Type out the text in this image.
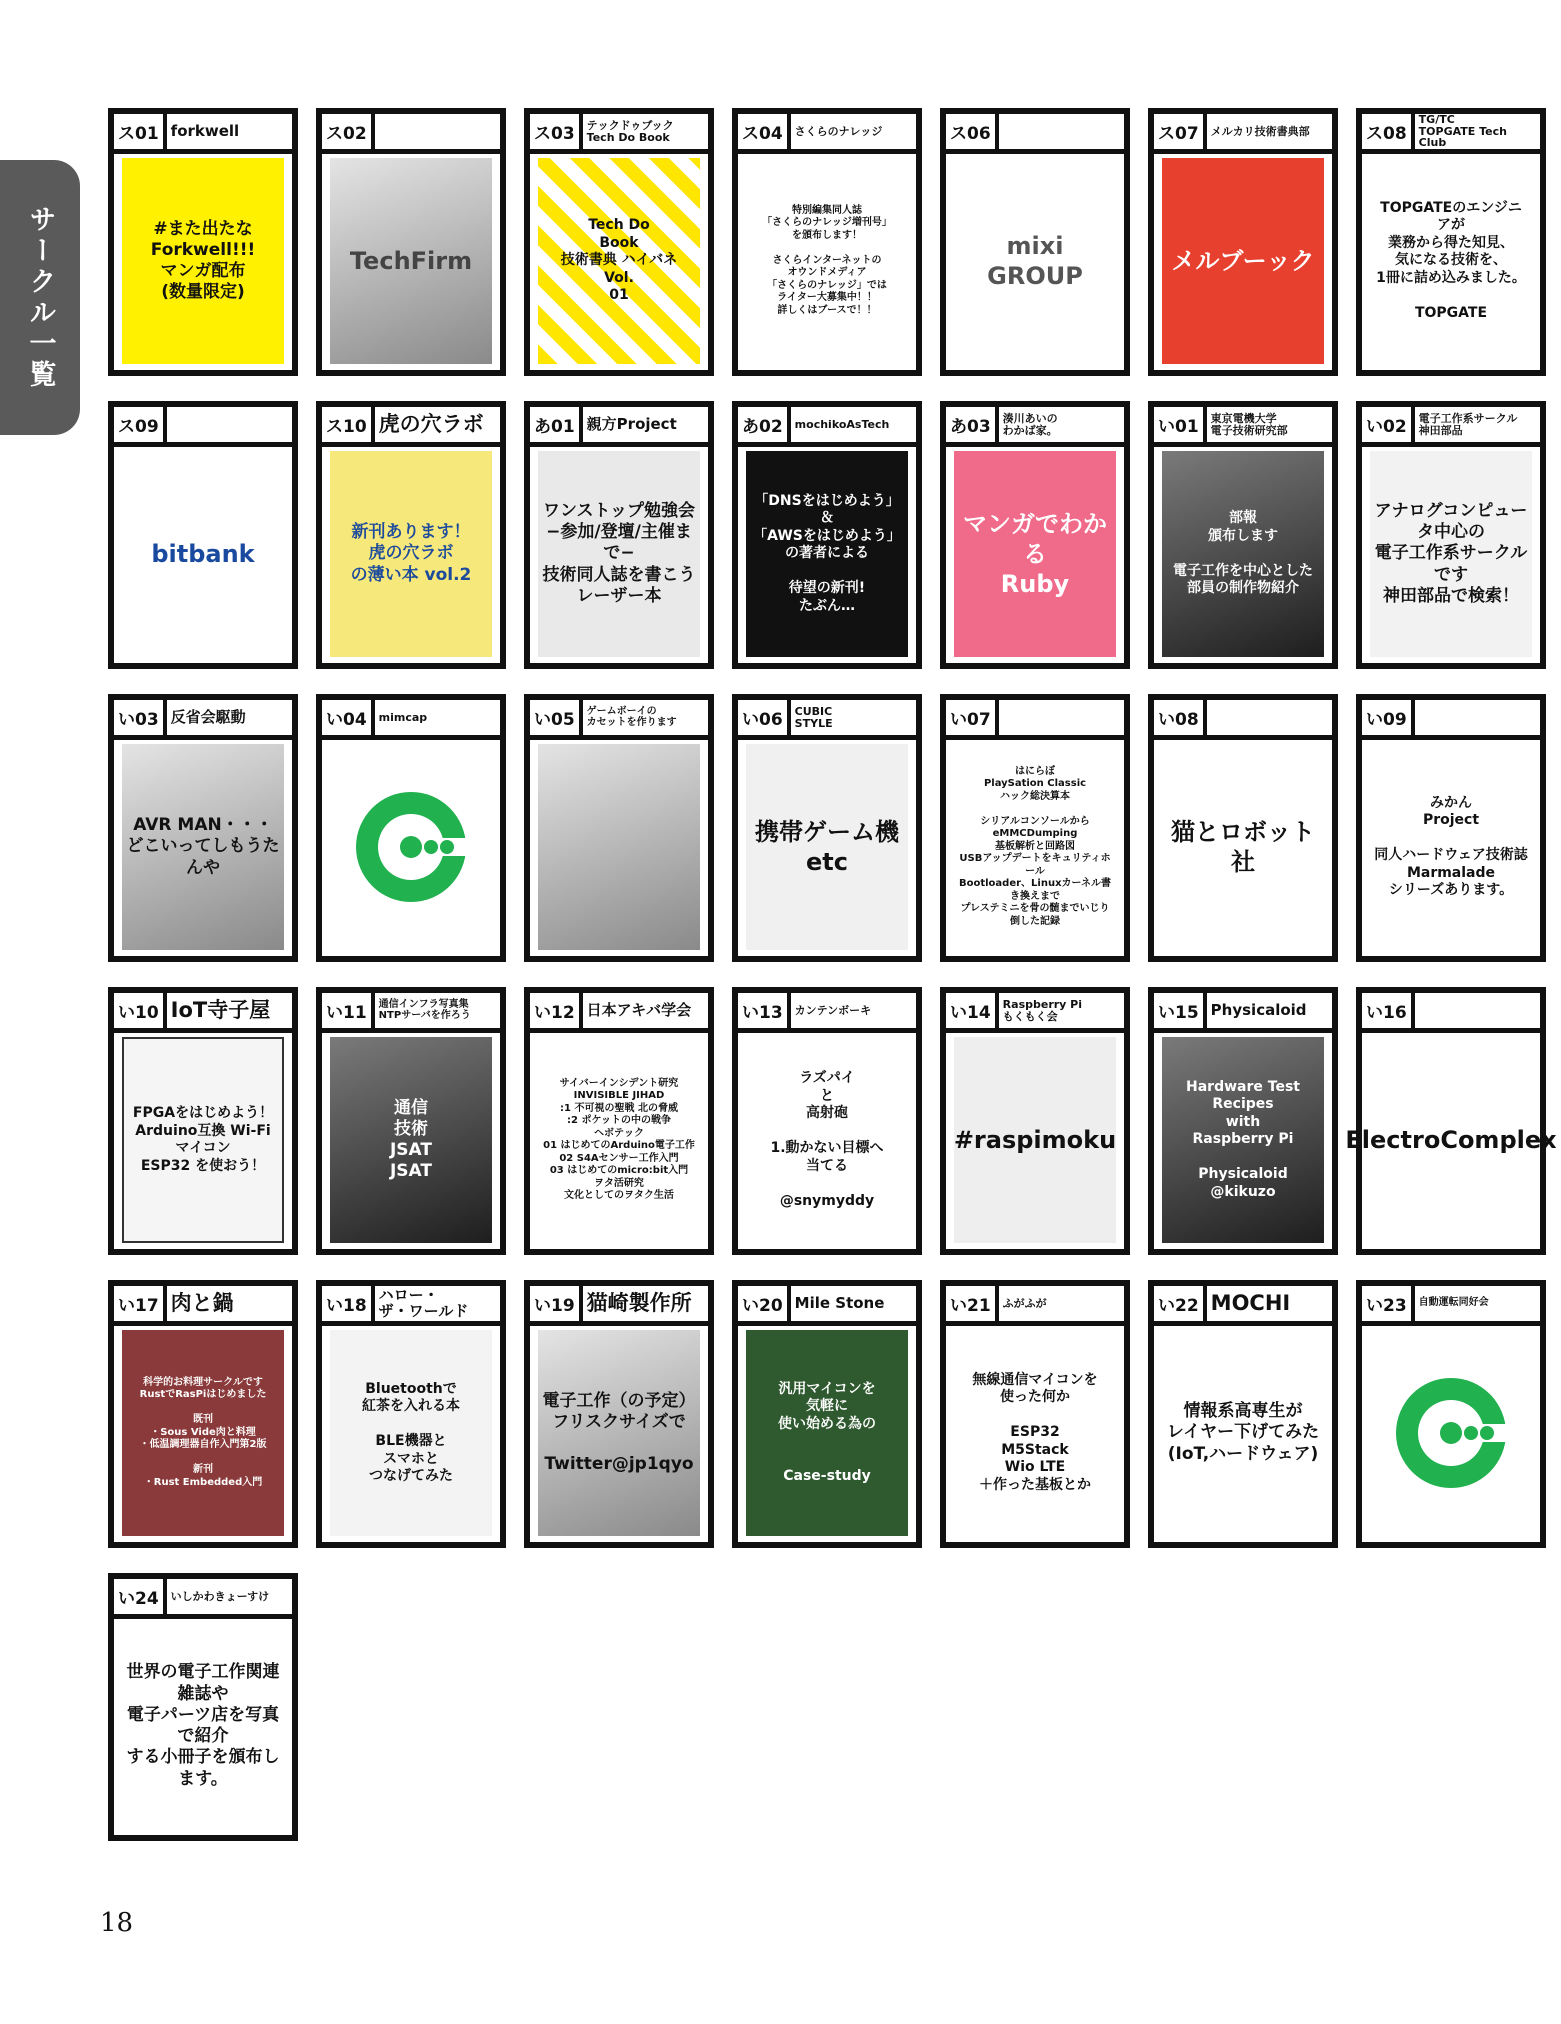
サークル一覧
ス01 forkwell
#また出たな
Forkwell!!!
マンガ配布
(数量限定)
ス02
TechFirm
ス03	テックドゥブック
Tech Do Book
Tech Do
Book
技術書典 ハイバネ
Vol.
01
ス04	さくらのナレッジ
特別編集同人誌
「さくらのナレッジ増刊号」
を頒布します！

さくらインターネットの
オウンドメディア
「さくらのナレッジ」では
ライター大募集中！！
詳しくはブースで！！
ス06
mixi
GROUP
ス07	メルカリ技術書典部
メルブーック
ス08
TG/TC
TOPGATE Tech Club
TOPGATEのエンジニアが
業務から得た知見、
気になる技術を、
1冊に詰め込みました。

TOPGATE
ス09
bitbank
ス10 虎の穴ラボ
新刊あります！
虎の穴ラボ
の薄い本 vol.2
あ01 親方Project
ワンストップ勉強会
−参加/登壇/主催まで−
技術同人誌を書こう
レーザー本
あ02	mochikoAsTech
「DNSをはじめよう」
＆
「AWSをはじめよう」
の著者による

待望の新刊!
たぶん…
あ03	湊川あいの
わかば家。
マンガでわかる
Ruby
い01	東京電機大学
電子技術研究部
部報
頒布します

電子工作を中心とした
部員の制作物紹介
い02	電子工作系サークル
神田部品
アナログコンピュータ中心の
電子工作系サークルです
神田部品で検索！
い03 反省会駆動
AVR MAN・・・
どこいってしもうたんや
い04	mimcap	い05	ゲームボーイの
カセットを作ります	い06	CUBIC
STYLE
携帯ゲーム機etc
い07
はにらぼ
PlaySation Classic
ハック総決算本

シリアルコンソールからeMMCDumping
基板解析と回路図
USBアップデートをキュリティホール
Bootloader、Linuxカーネル書き換えまで
プレステミニを骨の髄までいじり倒した記録
い08
猫とロボット社
い09
みかん
Project

同人ハードウェア技術誌
Marmalade
シリーズあります。
い10 IoT寺子屋
FPGAをはじめよう！
Arduino互換 Wi-Fi マイコン
ESP32 を使おう！
い11	通信インフラ写真集
NTPサーバを作ろう
通信
技術
JSAT
JSAT
い12 日本アキバ学会
サイバーインシデント研究
INVISIBLE JIHAD
:1 不可視の聖戦 北の脅威
:2 ポケットの中の戦争
ヘボテック
01 はじめてのArduino電子工作
02 S4Aセンサー工作入門
03 はじめてのmicro:bit入門
ヲタ活研究
文化としてのヲタク生活
い13	カンテンボーキ
ラズパイ
と
高射砲

1.動かない目標へ
当てる

@snymyddy
い14	Raspberry Pi
もくもく会
#raspimoku
い15 Physicaloid
Hardware Test
Recipes
with
Raspberry Pi

Physicaloid @kikuzo
い16
ElectroComplex
い17 肉と鍋
科学的お料理サークルです
RustでRasPiはじめました

既刊
・Sous Vide肉と料理
・低温調理器自作入門第2版

新刊
・Rust Embedded入門
い18
ハロー・
ザ・ワールド
Bluetoothで
紅茶を入れる本

BLE機器と
スマホと
つなげてみた
い19 猫崎製作所
電子工作（の予定）
フリスクサイズで

Twitter@jp1qyo
い20 Mile Stone
汎用マイコンを
気軽に
使い始める為の

Case-study
い21	ふがふが
無線通信マイコンを
使った何か

ESP32
M5Stack
Wio LTE
＋作った基板とか
い22 MOCHI
情報系高専生が
レイヤー下げてみた
(IoT,ハードウェア)
い23	自動運転同好会
い24	いしかわきょーすけ
世界の電子工作関連雑誌や
電子パーツ店を写真で紹介
する小冊子を頒布します。
18
